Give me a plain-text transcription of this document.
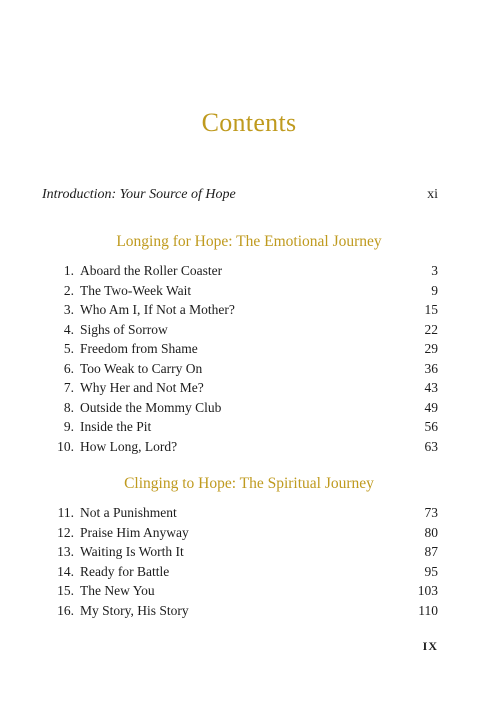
Contents
Introduction: Your Source of Hope	xi
Longing for Hope: The Emotional Journey
1. Aboard the Roller Coaster	3
2. The Two-Week Wait	9
3. Who Am I, If Not a Mother?	15
4. Sighs of Sorrow	22
5. Freedom from Shame	29
6. Too Weak to Carry On	36
7. Why Her and Not Me?	43
8. Outside the Mommy Club	49
9. Inside the Pit	56
10. How Long, Lord?	63
Clinging to Hope: The Spiritual Journey
11. Not a Punishment	73
12. Praise Him Anyway	80
13. Waiting Is Worth It	87
14. Ready for Battle	95
15. The New You	103
16. My Story, His Story	110
IX
